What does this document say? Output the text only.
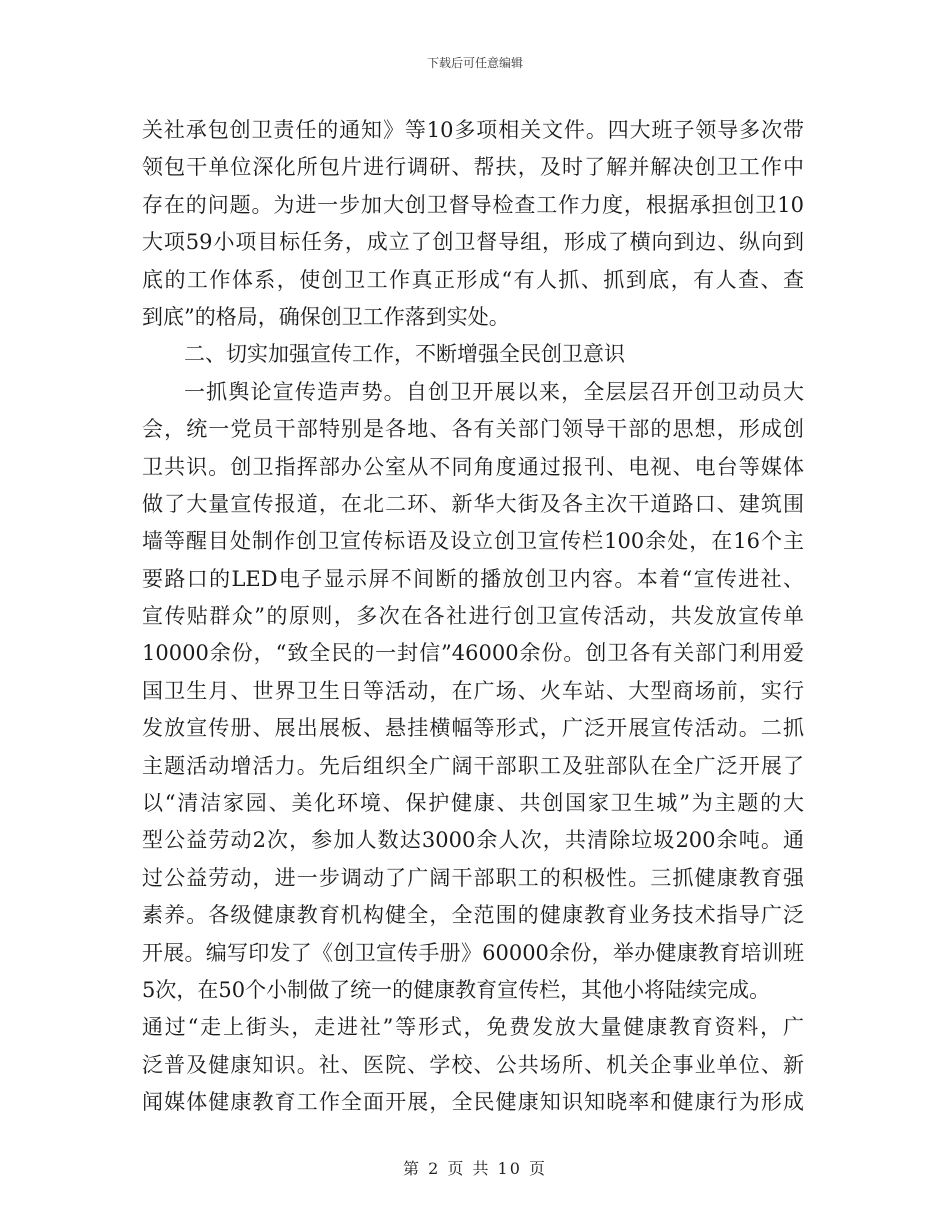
下载后可任意编辑
关社承包创卫责任的通知》等10多项相关文件。四大班子领导多次带
领包干单位深化所包片进行调研、帮扶，及时了解并解决创卫工作中
存在的问题。为进一步加大创卫督导检查工作力度，根据承担创卫10
大项59小项目标任务，成立了创卫督导组，形成了横向到边、纵向到
底的工作体系，使创卫工作真正形成“有人抓、抓到底，有人查、查
到底”的格局，确保创卫工作落到实处。
二、切实加强宣传工作，不断增强全民创卫意识
一抓舆论宣传造声势。自创卫开展以来，全层层召开创卫动员大
会，统一党员干部特别是各地、各有关部门领导干部的思想，形成创
卫共识。创卫指挥部办公室从不同角度通过报刊、电视、电台等媒体
做了大量宣传报道，在北二环、新华大街及各主次干道路口、建筑围
墙等醒目处制作创卫宣传标语及设立创卫宣传栏100余处，在16个主
要路口的LED电子显示屏不间断的播放创卫内容。本着“宣传进社、
宣传贴群众”的原则，多次在各社进行创卫宣传活动，共发放宣传单
10000余份，“致全民的一封信”46000余份。创卫各有关部门利用爱
国卫生月、世界卫生日等活动，在广场、火车站、大型商场前，实行
发放宣传册、展出展板、悬挂横幅等形式，广泛开展宣传活动。二抓
主题活动增活力。先后组织全广阔干部职工及驻部队在全广泛开展了
以“清洁家园、美化环境、保护健康、共创国家卫生城”为主题的大
型公益劳动2次，参加人数达3000余人次，共清除垃圾200余吨。通
过公益劳动，进一步调动了广阔干部职工的积极性。三抓健康教育强
素养。各级健康教育机构健全，全范围的健康教育业务技术指导广泛
开展。编写印发了《创卫宣传手册》60000余份，举办健康教育培训班
5次，在50个小制做了统一的健康教育宣传栏，其他小将陆续完成。
通过“走上街头，走进社”等形式，免费发放大量健康教育资料，广
泛普及健康知识。社、医院、学校、公共场所、机关企事业单位、新
闻媒体健康教育工作全面开展，全民健康知识知晓率和健康行为形成
第 2 页 共 10 页
